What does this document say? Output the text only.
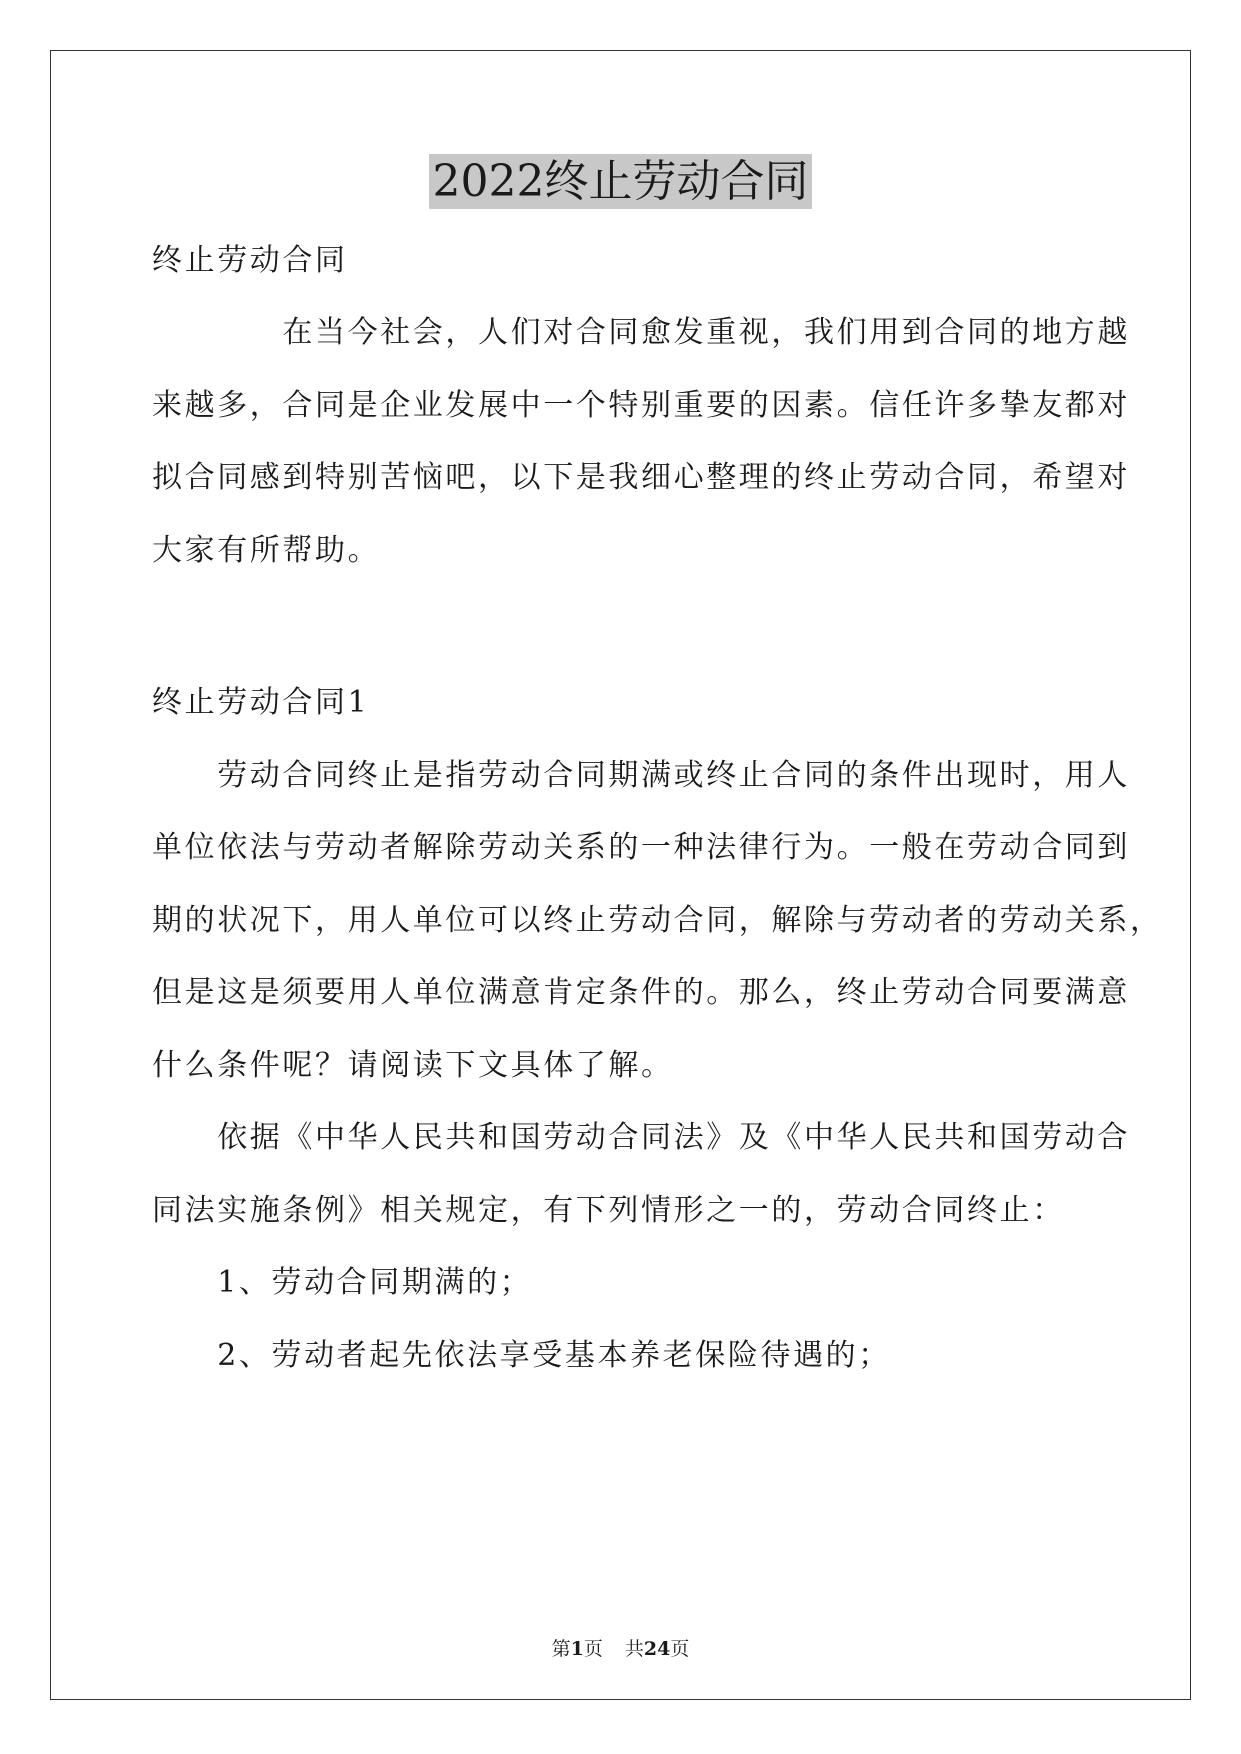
2022终止劳动合同
终止劳动合同
　　　　在当今社会，人们对合同愈发重视，我们用到合同的地方越
来越多，合同是企业发展中一个特别重要的因素。信任许多挚友都对
拟合同感到特别苦恼吧，以下是我细心整理的终止劳动合同，希望对
大家有所帮助。
终止劳动合同1
　　劳动合同终止是指劳动合同期满或终止合同的条件出现时，用人
单位依法与劳动者解除劳动关系的一种法律行为。一般在劳动合同到
期的状况下，用人单位可以终止劳动合同，解除与劳动者的劳动关系，
但是这是须要用人单位满意肯定条件的。那么，终止劳动合同要满意
什么条件呢？请阅读下文具体了解。
　　依据《中华人民共和国劳动合同法》及《中华人民共和国劳动合
同法实施条例》相关规定，有下列情形之一的，劳动合同终止：
　　1、劳动合同期满的；
　　2、劳动者起先依法享受基本养老保险待遇的；
第1页 共24页
